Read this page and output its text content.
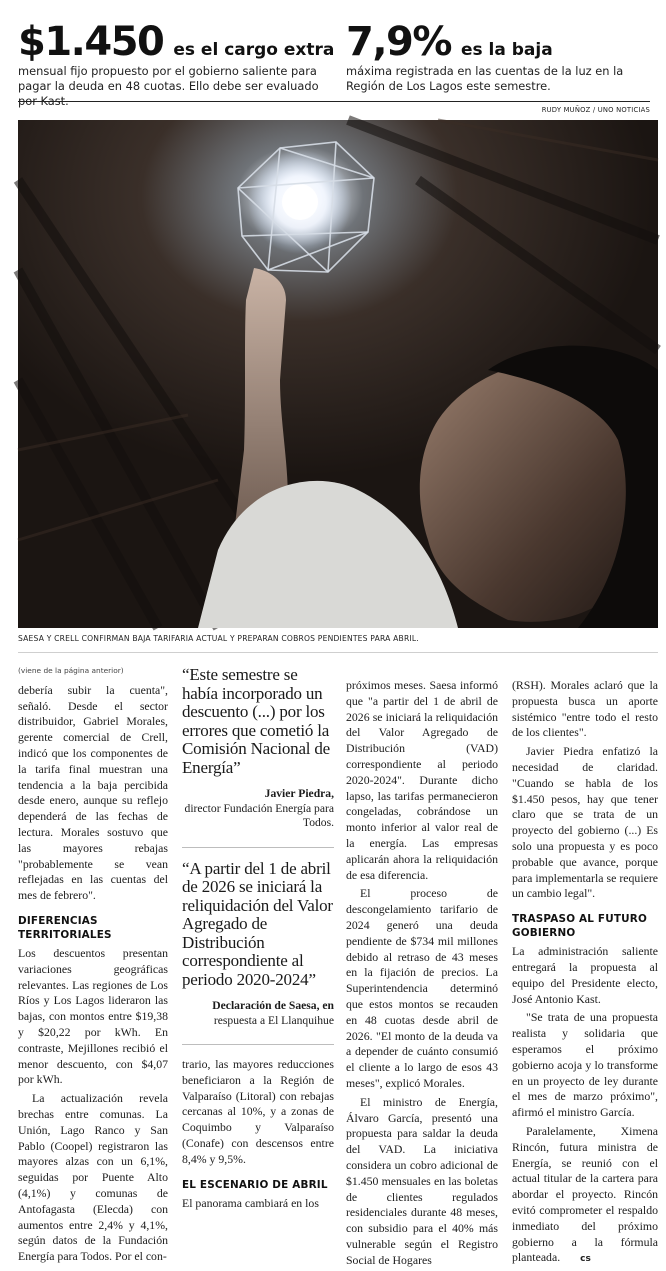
$1.450 es el cargo extra
mensual fijo propuesto por el gobierno saliente para pagar la deuda en 48 cuotas. Ello debe ser evaluado por Kast.
7,9% es la baja
máxima registrada en las cuentas de la luz en la Región de Los Lagos este semestre.
RUDY MUÑOZ / UNO NOTICIAS
SAESA Y CRELL CONFIRMAN BAJA TARIFARIA ACTUAL Y PREPARAN COBROS PENDIENTES PARA ABRIL.
(viene de la página anterior)

debería subir la cuenta", señaló. Desde el sector distribuidor, Gabriel Morales, gerente comercial de Crell, indicó que los componentes de la tarifa final muestran una tendencia a la baja percibida desde enero, aunque su reflejo dependerá de las fechas de lectura. Morales sostuvo que las mayores rebajas "probablemente se vean reflejadas en las cuentas del mes de febrero".

DIFERENCIAS TERRITORIALES

Los descuentos presentan variaciones geográficas relevantes. Las regiones de Los Ríos y Los Lagos lideraron las bajas, con montos entre $19,38 y $20,22 por kWh. En contraste, Mejillones recibió el menor descuento, con $4,07 por kWh.

La actualización revela brechas entre comunas. La Unión, Lago Ranco y San Pablo (Coopel) registraron las mayores alzas con un 6,1%, seguidas por Puente Alto (4,1%) y comunas de Antofagasta (Elecda) con aumentos entre 2,4% y 4,1%, según datos de la Fundación Energía para Todos. Por el con-

“Este semestre se había incorporado un descuento (...) por los errores que cometió la Comisión Nacional de Energía”
Javier Piedra,
director Fundación Energía para Todos.
“A partir del 1 de abril de 2026 se iniciará la reliquidación del Valor Agregado de Distribución correspondiente al periodo 2020-2024”
Declaración de Saesa, en
respuesta a El Llanquihue

trario, las mayores reducciones beneficiaron a la Región de Valparaíso (Litoral) con rebajas cercanas al 10%, y a zonas de Coquimbo y Valparaíso (Conafe) con descensos entre 8,4% y 9,5%.

EL ESCENARIO DE ABRIL

El panorama cambiará en los

próximos meses. Saesa informó que "a partir del 1 de abril de 2026 se iniciará la reliquidación del Valor Agregado de Distribución (VAD) correspondiente al periodo 2020-2024". Durante dicho lapso, las tarifas permanecieron congeladas, cobrándose un monto inferior al valor real de la energía. Las empresas aplicarán ahora la reliquidación de esa diferencia.

El proceso de descongelamiento tarifario de 2024 generó una deuda pendiente de $734 mil millones debido al retraso de 43 meses en la fijación de precios. La Superintendencia determinó que estos montos se recauden en 48 cuotas desde abril de 2026. "El monto de la deuda va a depender de cuánto consumió el cliente a lo largo de esos 43 meses", explicó Morales.

El ministro de Energía, Álvaro García, presentó una propuesta para saldar la deuda del VAD. La iniciativa considera un cobro adicional de $1.450 mensuales en las boletas de clientes regulados residenciales durante 48 meses, con subsidio para el 40% más vulnerable según el Registro Social de Hogares

(RSH). Morales aclaró que la propuesta busca un aporte sistémico "entre todo el resto de los clientes".

Javier Piedra enfatizó la necesidad de claridad. "Cuando se habla de los $1.450 pesos, hay que tener claro que se trata de un proyecto del gobierno (...) Es solo una propuesta y es poco probable que avance, porque para implementarla se requiere un cambio legal".

TRASPASO AL FUTURO GOBIERNO

La administración saliente entregará la propuesta al equipo del Presidente electo, José Antonio Kast.

"Se trata de una propuesta realista y solidaria que esperamos el próximo gobierno acoja y lo transforme en un proyecto de ley durante el mes de marzo próximo", afirmó el ministro García.

Paralelamente, Ximena Rincón, futura ministra de Energía, se reunió con el actual titular de la cartera para abordar el proyecto. Rincón evitó comprometer el respaldo inmediato del próximo gobierno a la fórmula planteada. cs
